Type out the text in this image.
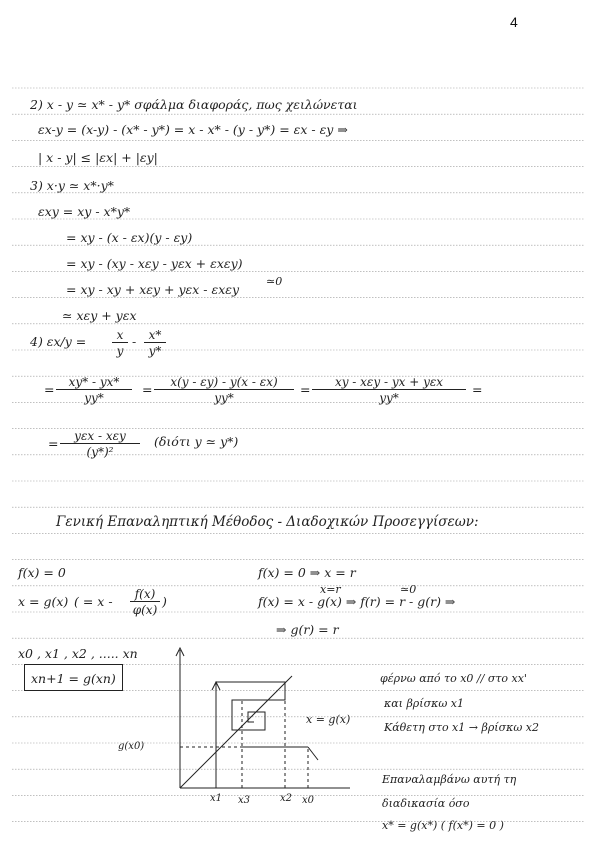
4
2) x - y ≃ x* - y* σφάλμα διαφοράς, πως χειλώνεται
εx-y = (x-y) - (x* - y*) = x - x* - (y - y*) = εx - εy ⇒
| x - y| ≤ |εx| + |εy|
3) x·y ≃ x*·y*
εxy = xy - x*y*
= xy - (x - εx)(y - εy)
= xy - (xy - xεy - yεx + εxεy)
= xy - xy + xεy + yεx - εxεy
≃0
≃ xεy + yεx
4) $\varepsilon x/y = \frac{x}{y} - \frac{x*}{y*}$
= $\frac{xy* - yx*}{yy*} = \frac{x(y - \varepsilon y) - y(x - \varepsilon x)}{yy*}$ =	xy - xεy - yx + yεx
yy*
=
=	yεx - xεy
(y*)²
(διότι y ≃ y*)
Γενική Επαναληπτική Μέθοδος - Διαδοχικών Προσεγγίσεων:
f(x) = 0
x = g(x) ( = x - $\frac{f(x)}{\varphi(x)}$ )
f(x) = 0 ⇒ x = r
x=r	≃0
f(x) = x - g(x) ⇒ f(r) = r - g(r) ⇒
⇒ g(r) = r
x0 , x1 , x2 , ..... xn
xn+1 = g(xn)
g(x0)
x = g(x)
x1 x3	x2 x0
φέρνω από το x0 // στο xx'
και βρίσκω x1
Κάθετη στο x1 → βρίσκω x2
Επαναλαμβάνω αυτή τη
διαδικασία όσο
x* = g(x*) ( f(x*) = 0 )
